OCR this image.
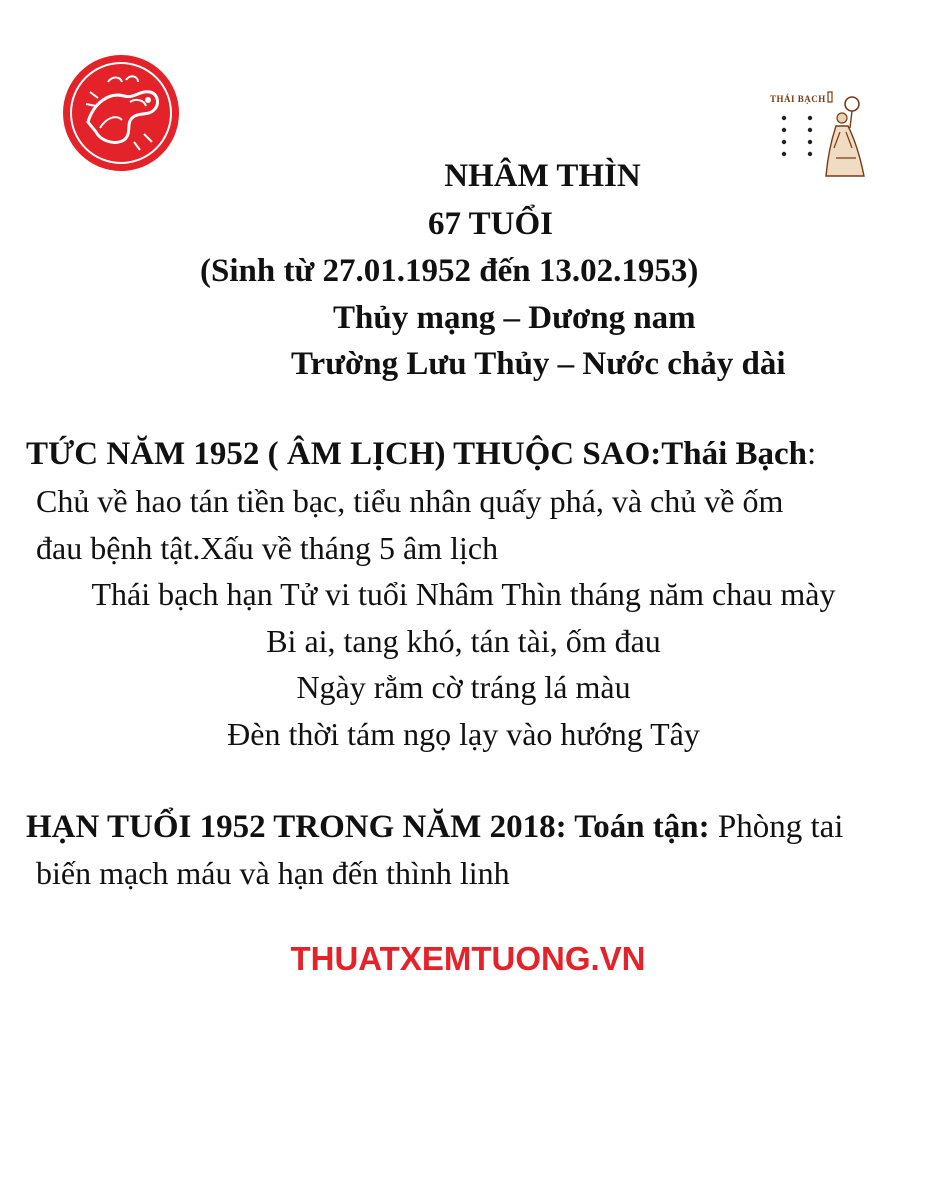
THÁI BẠCH
NHÂM THÌN
67 TUỔI
(Sinh từ 27.01.1952 đến 13.02.1953)
Thủy mạng – Dương nam
Trường Lưu Thủy – Nước chảy dài
TỨC NĂM 1952 ( ÂM LỊCH) THUỘC SAO:Thái Bạch:
Chủ về hao tán tiền bạc, tiểu nhân quấy phá, và chủ về ốm
đau bệnh tật.Xấu về tháng 5 âm lịch
Thái bạch hạn Tử vi tuổi Nhâm Thìn tháng năm chau mày
Bi ai, tang khó, tán tài, ốm đau
Ngày rằm cờ tráng lá màu
Đèn thời tám ngọ lạy vào hướng Tây
HẠN TUỔI 1952 TRONG NĂM 2018: Toán tận: Phòng tai
biến mạch máu và hạn đến thình linh
THUATXEMTUONG.VN
